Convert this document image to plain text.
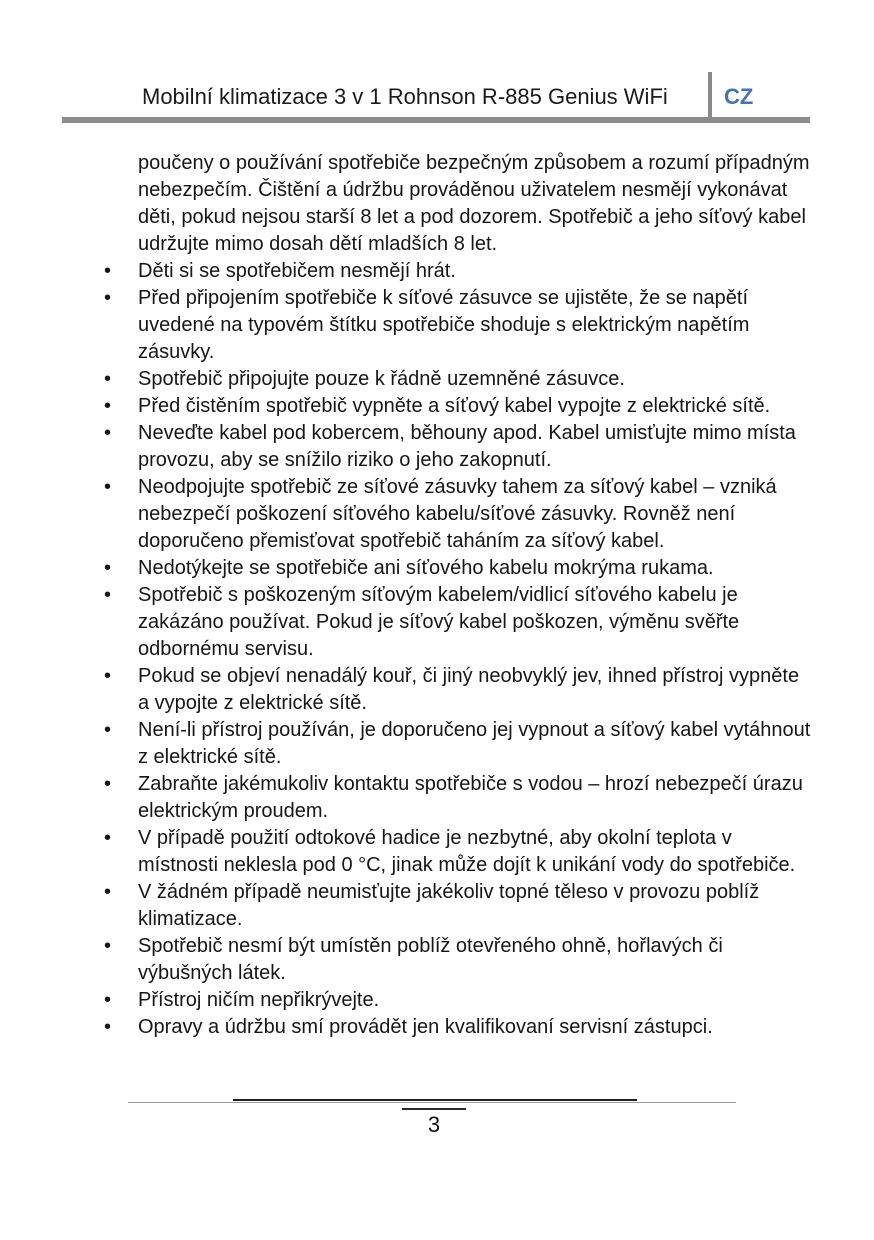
Mobilní klimatizace 3 v 1 Rohnson R-885 Genius WiFi	CZ

poučeny o používání spotřebiče bezpečným způsobem a rozumí případným nebezpečím. Čištění a údržbu prováděnou uživatelem nesmějí vykonávat děti, pokud nejsou starší 8 let a pod dozorem. Spotřebič a jeho síťový kabel udržujte mimo dosah dětí mladších 8 let.

•	Děti si se spotřebičem nesmějí hrát.
•	Před připojením spotřebiče k síťové zásuvce se ujistěte, že se napětí uvedené na typovém štítku spotřebiče shoduje s elektrickým napětím zásuvky.
•	Spotřebič připojujte pouze k řádně uzemněné zásuvce.
•	Před čistěním spotřebič vypněte a síťový kabel vypojte z elektrické sítě.
•	Neveďte kabel pod kobercem, běhouny apod. Kabel umisťujte mimo místa provozu, aby se snížilo riziko o jeho zakopnutí.
•	Neodpojujte spotřebič ze síťové zásuvky tahem za síťový kabel – vzniká nebezpečí poškození síťového kabelu/síťové zásuvky. Rovněž není doporučeno přemisťovat spotřebič taháním za síťový kabel.
•	Nedotýkejte se spotřebiče ani síťového kabelu mokrýma rukama.
•	Spotřebič s poškozeným síťovým kabelem/vidlicí síťového kabelu je zakázáno používat. Pokud je síťový kabel poškozen, výměnu svěřte odbornému servisu.
•	Pokud se objeví nenadálý kouř, či jiný neobvyklý jev, ihned přístroj vypněte a vypojte z elektrické sítě.
•	Není-li přístroj používán, je doporučeno jej vypnout a síťový kabel vytáhnout z elektrické sítě.
•	Zabraňte jakémukoliv kontaktu spotřebiče s vodou – hrozí nebezpečí úrazu elektrickým proudem.
•	V případě použití odtokové hadice je nezbytné, aby okolní teplota v místnosti neklesla pod 0 °C, jinak může dojít k unikání vody do spotřebiče.
•	V žádném případě neumisťujte jakékoliv topné těleso v provozu poblíž klimatizace.
•	Spotřebič nesmí být umístěn poblíž otevřeného ohně, hořlavých či výbušných látek.
•	Přístroj ničím nepřikrývejte.
•	Opravy a údržbu smí provádět jen kvalifikovaní servisní zástupci.
3
